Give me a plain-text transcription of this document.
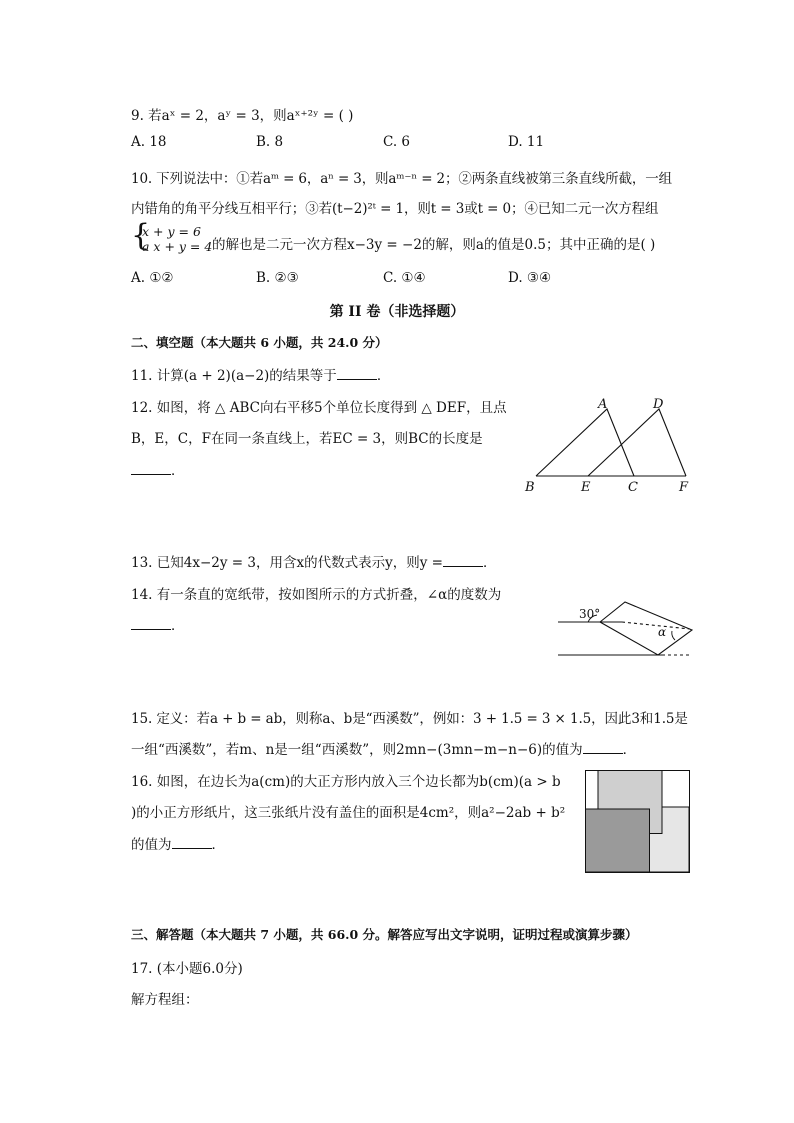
9. 若aˣ = 2，aʸ = 3，则aˣ⁺²ʸ = ( )
A. 18	B. 8	C. 6	D. 11
10. 下列说法中：①若aᵐ = 6，aⁿ = 3，则aᵐ⁻ⁿ = 2；②两条直线被第三条直线所截，一组
内错角的角平分线互相平行；③若(t−2)²ᵗ = 1，则t = 3或t = 0；④已知二元一次方程组
{
x + y = 6
a x + y = 4 的解也是二元一次方程x−3y = −2的解，则a的值是0.5；其中正确的是( )
A. ①②	B. ②③	C. ①④	D. ③④
第 II 卷（非选择题）
二、填空题（本大题共 6 小题，共 24.0 分）
11. 计算(a + 2)(a−2)的结果等于	．
12. 如图，将 △ ABC向右平移5个单位长度得到 △ DEF，且点
B，E，C，F在同一条直线上，若EC = 3，则BC的长度是
．
A	D
B	E	C	F
13. 已知4x−2y = 3，用含x的代数式表示y，则y =	．
14. 有一条直的宽纸带，按如图所示的方式折叠，∠α的度数为
．
30°
α
15. 定义：若a + b = ab，则称a、b是“西溪数”，例如：3 + 1.5 = 3 × 1.5，因此3和1.5是
一组“西溪数”，若m、n是一组“西溪数”，则2mn−(3mn−m−n−6)的值为	．
16. 如图，在边长为a(cm)的大正方形内放入三个边长都为b(cm)(a > b
)的小正方形纸片，这三张纸片没有盖住的面积是4cm²，则a²−2ab + b²
的值为	．
三、解答题（本大题共 7 小题，共 66.0 分。解答应写出文字说明，证明过程或演算步骤）
17. (本小题6.0分)
解方程组：
